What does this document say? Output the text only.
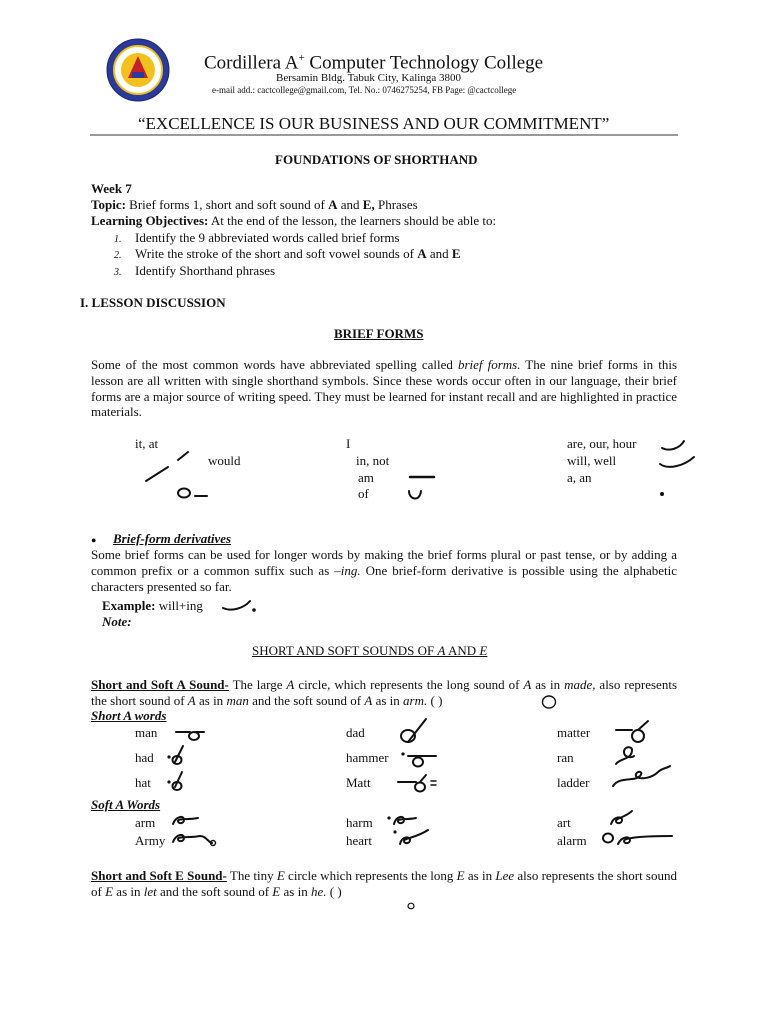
Cordillera A+ Computer Technology College
Bersamin Bldg. Tabuk City, Kalinga 3800
e-mail add.: cactcollege@gmail.com, Tel. No.: 0746275254, FB Page: @cactcollege
“EXCELLENCE IS OUR BUSINESS AND OUR COMMITMENT”
FOUNDATIONS OF SHORTHAND
Week 7
Topic: Brief forms 1, short and soft sound of A and E, Phrases
Learning Objectives: At the end of the lesson, the learners should be able to:
1. Identify the 9 abbreviated words called brief forms
2. Write the stroke of the short and soft vowel sounds of A and E
3. Identify Shorthand phrases
I. LESSON DISCUSSION
BRIEF FORMS
Some of the most common words have abbreviated spelling called brief forms. The nine brief forms in this lesson are all written with single shorthand symbols. Since these words occur often in our language, their brief forms are a major source of writing speed. They must be learned for instant recall and are highlighted in practice materials.
it, at
would
I
in, not
am
of
are, our, hour
will, well
a, an
● Brief-form derivatives
Some brief forms can be used for longer words by making the brief forms plural or past tense, or by adding a common prefix or a common suffix such as –ing. One brief-form derivative is possible using the alphabetic characters presented so far.
Example: will+ing
Note:
SHORT AND SOFT SOUNDS OF A AND E
Short and Soft A Sound- The large A circle, which represents the long sound of A as in made, also represents the short sound of A as in man and the soft sound of A as in arm. ( )
Short A words
man	dad	matter
had	hammer	ran
hat	Matt	ladder
Soft A Words
arm	harm	art
Army	heart	alarm
Short and Soft E Sound- The tiny E circle which represents the long E as in Lee also represents the short sound of E as in let and the soft sound of E as in he. ( )
